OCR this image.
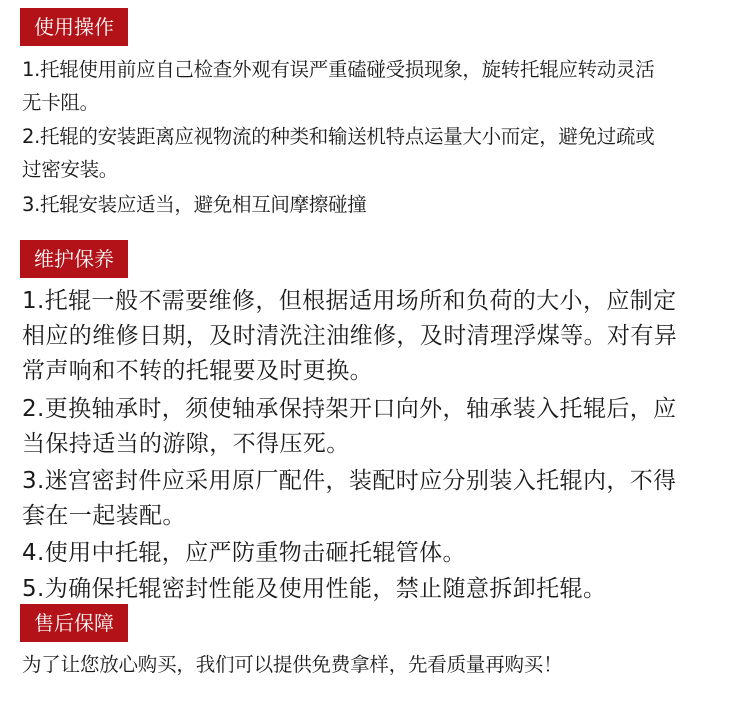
使用操作
1.托辊使用前应自己检查外观有误严重磕碰受损现象，旋转托辊应转动灵活
无卡阻。
2.托辊的安装距离应视物流的种类和输送机特点运量大小而定，避免过疏或
过密安装。
3.托辊安装应适当，避免相互间摩擦碰撞
维护保养
1.托辊一般不需要维修，但根据适用场所和负荷的大小，应制定
相应的维修日期，及时清洗注油维修，及时清理浮煤等。对有异
常声响和不转的托辊要及时更换。
2.更换轴承时，须使轴承保持架开口向外，轴承装入托辊后，应
当保持适当的游隙，不得压死。
3.迷宫密封件应采用原厂配件，装配时应分别装入托辊内，不得
套在一起装配。
4.使用中托辊，应严防重物击砸托辊管体。
5.为确保托辊密封性能及使用性能，禁止随意拆卸托辊。
售后保障
为了让您放心购买，我们可以提供免费拿样，先看质量再购买！
